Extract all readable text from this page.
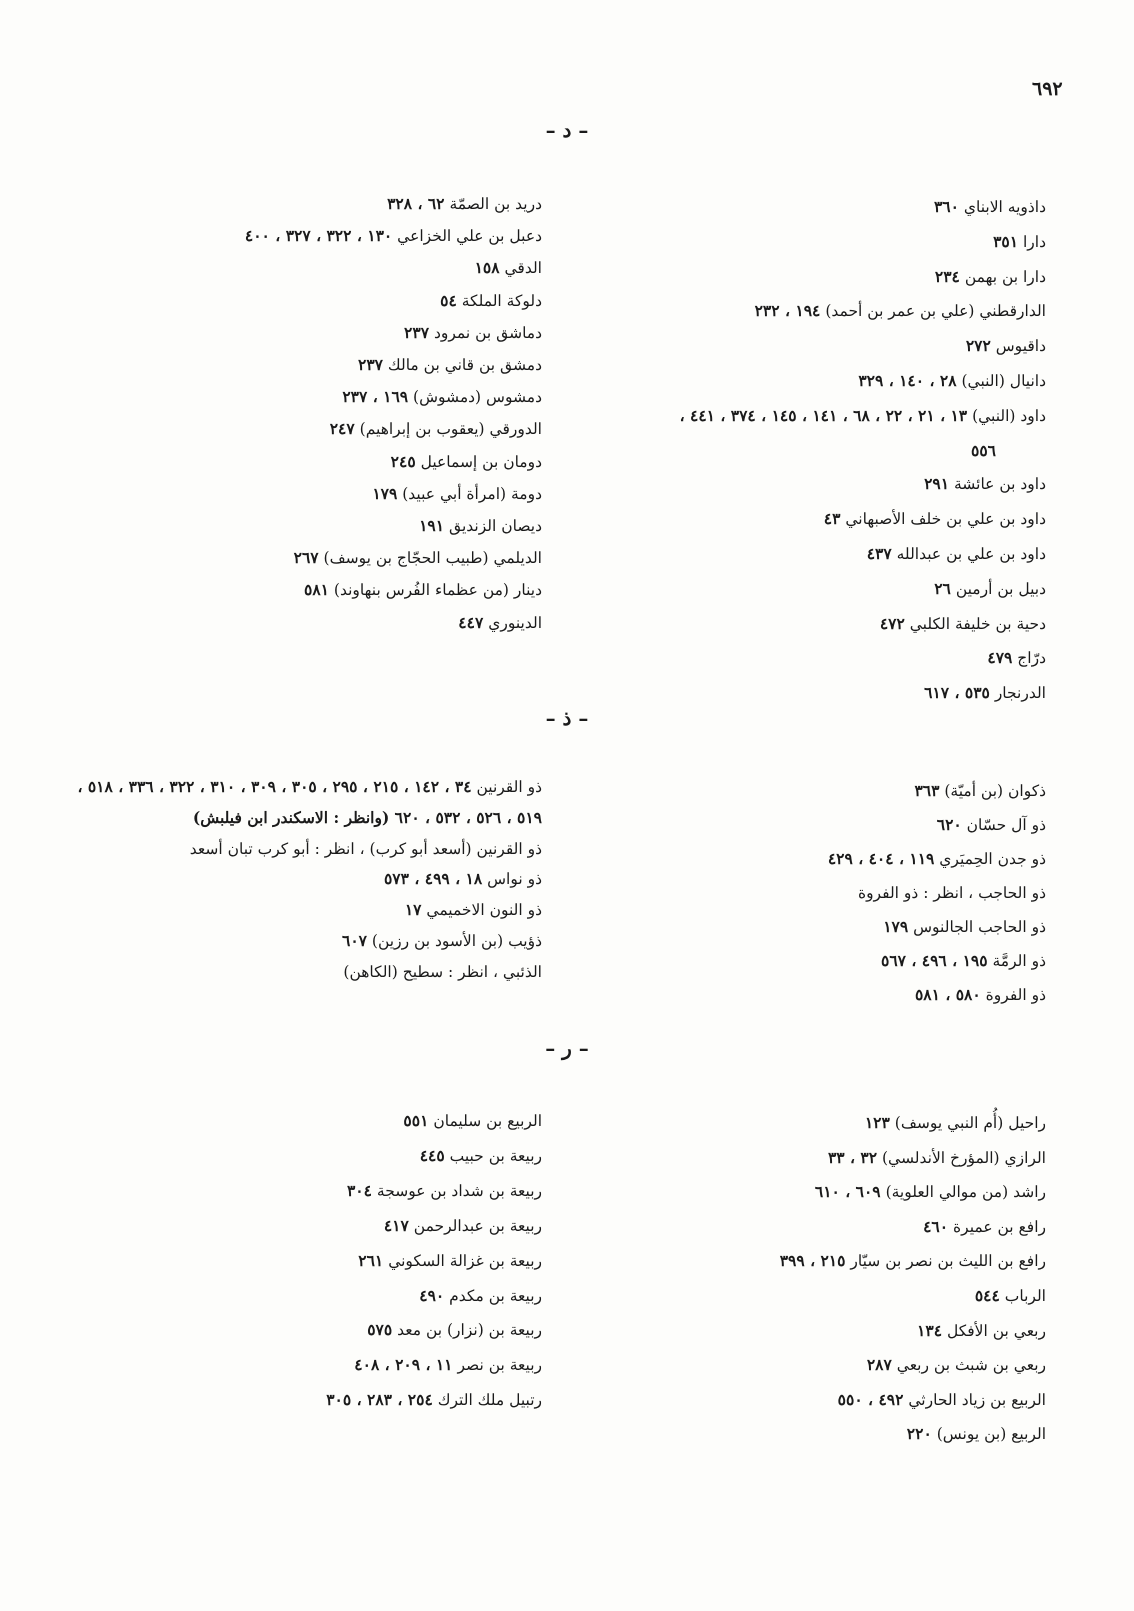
٦٩٢
– د –
داذويه الابناي ٣٦٠
دارا ٣٥١
دارا بن بهمن ٢٣٤
الدارقطني (علي بن عمر بن أحمد) ١٩٤ ، ٢٣٢
داقيوس ٢٧٢
دانيال (النبي) ٢٨ ، ١٤٠ ، ٣٢٩
داود (النبي) ١٣ ، ٢١ ، ٢٢ ، ٦٨ ، ١٤١ ، ١٤٥ ، ٣٧٤ ، ٤٤١ ،
٥٥٦
داود بن عائشة ٢٩١
داود بن علي بن خلف الأصبهاني ٤٣
داود بن علي بن عبدالله ٤٣٧
دبيل بن أرمين ٢٦
دحية بن خليفة الكلبي ٤٧٢
درّاج ٤٧٩
الدرنجار ٥٣٥ ، ٦١٧
دريد بن الصمّة ٦٢ ، ٣٢٨
دعبل بن علي الخزاعي ١٣٠ ، ٣٢٢ ، ٣٢٧ ، ٤٠٠
الدقي ١٥٨
دلوكة الملكة ٥٤
دماشق بن نمرود ٢٣٧
دمشق بن قاني بن مالك ٢٣٧
دمشوس (دمشوش) ١٦٩ ، ٢٣٧
الدورقي (يعقوب بن إبراهيم) ٢٤٧
دومان بن إسماعيل ٢٤٥
دومة (امرأة أبي عبيد) ١٧٩
ديصان الزنديق ١٩١
الديلمي (طبيب الحجّاج بن يوسف) ٢٦٧
دينار (من عظماء الفُرس بنهاوند) ٥٨١
الدينوري ٤٤٧
– ذ –
ذكوان (بن أميّة) ٣٦٣
ذو آل حسّان ٦٢٠
ذو جدن الحِميَري ١١٩ ، ٤٠٤ ، ٤٢٩
ذو الحاجب ، انظر : ذو الفروة
ذو الحاجب الجالنوس ١٧٩
ذو الرمَّة ١٩٥ ، ٤٩٦ ، ٥٦٧
ذو الفروة ٥٨٠ ، ٥٨١
ذو القرنين ٣٤ ، ١٤٢ ، ٢١٥ ، ٢٩٥ ، ٣٠٥ ، ٣٠٩ ، ٣١٠ ، ٣٢٢ ، ٣٣٦ ، ٥١٨ ، ٥١٩ ، ٥٢٦ ، ٥٣٢ ، ٦٢٠ (وانظر : الاسكندر ابن فيلبش)
ذو القرنين (أسعد أبو كرب) ، انظر : أبو كرب تبان أسعد
ذو نواس ١٨ ، ٤٩٩ ، ٥٧٣
ذو النون الاخميمي ١٧
ذؤيب (بن الأسود بن رزين) ٦٠٧
الذئبي ، انظر : سطيح (الكاهن)
– ر –
راحيل (أُم النبي يوسف) ١٢٣
الرازي (المؤرخ الأندلسي) ٣٢ ، ٣٣
راشد (من موالي العلوية) ٦٠٩ ، ٦١٠
رافع بن عميرة ٤٦٠
رافع بن الليث بن نصر بن سيّار ٢١٥ ، ٣٩٩
الرباب ٥٤٤
ربعي بن الأفكل ١٣٤
ربعي بن شبث بن ربعي ٢٨٧
الربيع بن زياد الحارثي ٤٩٢ ، ٥٥٠
الربيع (بن يونس) ٢٢٠
الربيع بن سليمان ٥٥١
ربيعة بن حبيب ٤٤٥
ربيعة بن شداد بن عوسجة ٣٠٤
ربيعة بن عبدالرحمن ٤١٧
ربيعة بن غزالة السكوني ٢٦١
ربيعة بن مكدم ٤٩٠
ربيعة بن (نزار) بن معد ٥٧٥
ربيعة بن نصر ١١ ، ٢٠٩ ، ٤٠٨
رتبيل ملك الترك ٢٥٤ ، ٢٨٣ ، ٣٠٥
